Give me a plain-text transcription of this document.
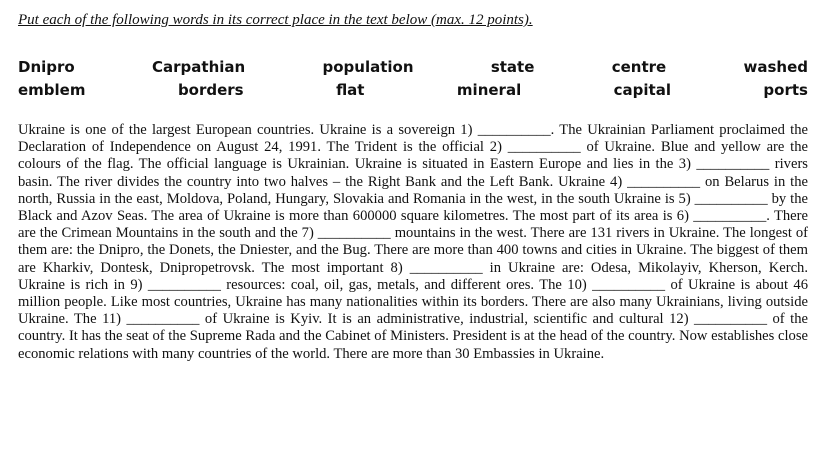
Put each of the following words in its correct place in the text below (max. 12 points).

Dnipro	Carpathian	population	state	centre	washed
emblem	borders	flat	mineral	capital	ports

Ukraine is one of the largest European countries. Ukraine is a sovereign 1) __________. The Ukrainian Parliament proclaimed the Declaration of Independence on August 24, 1991. The Trident is the official 2) __________ of Ukraine. Blue and yellow are the colours of the flag. The official language is Ukrainian. Ukraine is situated in Eastern Europe and lies in the 3) __________ rivers basin. The river divides the country into two halves – the Right Bank and the Left Bank. Ukraine 4) __________ on Belarus in the north, Russia in the east, Moldova, Poland, Hungary, Slovakia and Romania in the west, in the south Ukraine is 5) __________ by the Black and Azov Seas. The area of Ukraine is more than 600000 square kilometres. The most part of its area is 6) __________. There are the Crimean Mountains in the south and the 7) __________ mountains in the west. There are 131 rivers in Ukraine. The longest of them are: the Dnipro, the Donets, the Dniester, and the Bug. There are more than 400 towns and cities in Ukraine. The biggest of them are Kharkiv, Dontesk, Dnipropetrovsk. The most important 8) __________ in Ukraine are: Odesa, Mikolayiv, Kherson, Kerch. Ukraine is rich in 9) __________ resources: coal, oil, gas, metals, and different ores. The 10) __________ of Ukraine is about 46 million people. Like most countries, Ukraine has many nationalities within its borders. There are also many Ukrainians, living outside Ukraine. The 11) __________ of Ukraine is Kyiv. It is an administrative, industrial, scientific and cultural 12) __________ of the country. It has the seat of the Supreme Rada and the Cabinet of Ministers. President is at the head of the country. Now establishes close economic relations with many countries of the world. There are more than 30 Embassies in Ukraine.
